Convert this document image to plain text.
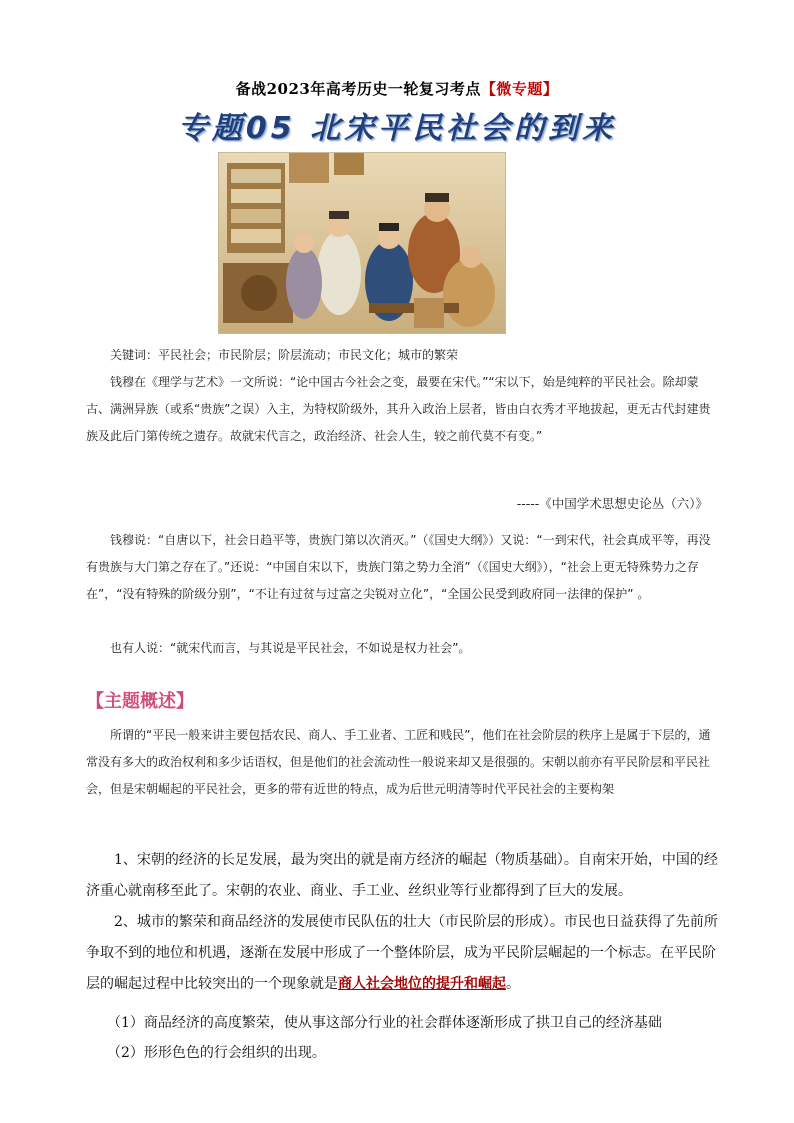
备战2023年高考历史一轮复习考点【微专题】
专题05 北宋平民社会的到来

关键词：平民社会；市民阶层；阶层流动；市民文化；城市的繁荣

钱穆在《理学与艺术》一文所说：“论中国古今社会之变，最要在宋代。”“宋以下，始是纯粹的平民社会。除却蒙古、满洲异族（或系“贵族”之误）入主，为特权阶级外，其升入政治上层者，皆由白衣秀才平地拔起，更无古代封建贵族及此后门第传统之遗存。故就宋代言之，政治经济、社会人生，较之前代莫不有变。”

-----《中国学术思想史论丛（六）》

钱穆说：“自唐以下，社会日趋平等，贵族门第以次消灭。”（《国史大纲》）又说：“一到宋代，社会真成平等，再没有贵族与大门第之存在了。”还说：“中国自宋以下，贵族门第之势力全消”（《国史大纲》），“社会上更无特殊势力之存在”，“没有特殊的阶级分别”，“不让有过贫与过富之尖锐对立化”，“全国公民受到政府同一法律的保护” 。

也有人说：“就宋代而言，与其说是平民社会，不如说是权力社会”。

【主题概述】

所谓的“平民一般来讲主要包括农民、商人、手工业者、工匠和贱民”，他们在社会阶层的秩序上是属于下层的，通常没有多大的政治权利和多少话语权，但是他们的社会流动性一般说来却又是很强的。宋朝以前亦有平民阶层和平民社会，但是宋朝崛起的平民社会，更多的带有近世的特点，成为后世元明清等时代平民社会的主要构架

1、宋朝的经济的长足发展，最为突出的就是南方经济的崛起（物质基础）。自南宋开始，中国的经济重心就南移至此了。宋朝的农业、商业、手工业、丝织业等行业都得到了巨大的发展。

2、城市的繁荣和商品经济的发展使市民队伍的壮大（市民阶层的形成）。市民也日益获得了先前所争取不到的地位和机遇，逐渐在发展中形成了一个整体阶层，成为平民阶层崛起的一个标志。在平民阶层的崛起过程中比较突出的一个现象就是商人社会地位的提升和崛起。

（1）商品经济的高度繁荣，使从事这部分行业的社会群体逐渐形成了拱卫自己的经济基础

（2）形形色色的行会组织的出现。
